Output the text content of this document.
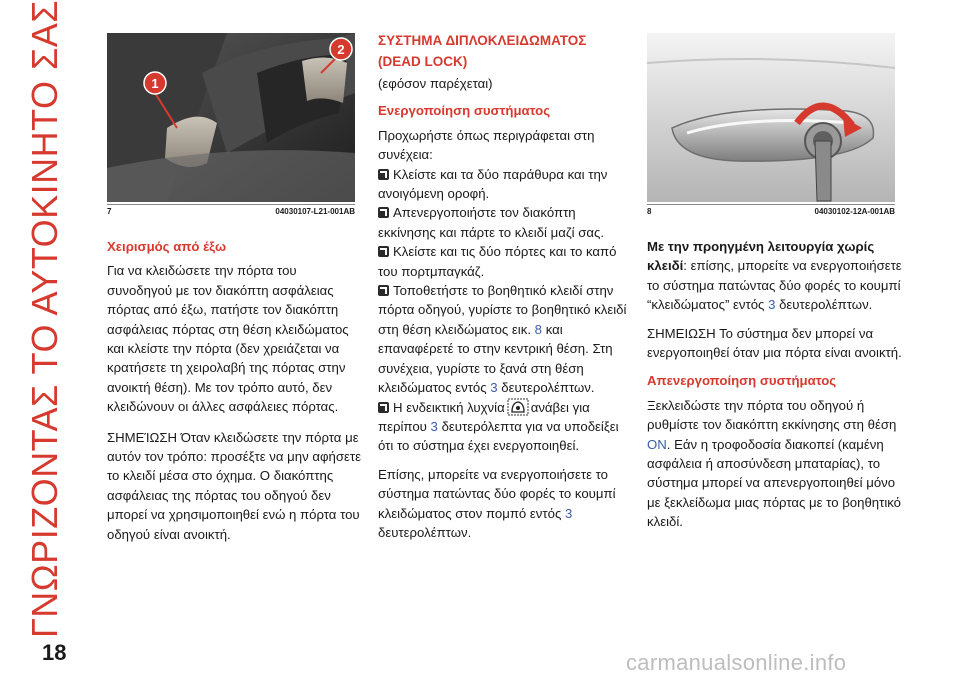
ΓΝΩΡΙΖΟΝΤΑΣ ΤΟ ΑΥΤΟΚΙΝΗΤΟ ΣΑΣ	1
2
7	04030107-L21-001AB	8	04030102-12A-001AB

Χειρισμός από έξω

Για να κλειδώσετε την πόρτα του συνοδηγού με τον διακόπτη ασφάλειας πόρτας από έξω, πατήστε τον διακόπτη ασφάλειας πόρτας στη θέση κλειδώματος και κλείστε την πόρτα (δεν χρειάζεται να κρατήσετε τη χειρολαβή της πόρτας στην ανοικτή θέση). Με τον τρόπο αυτό, δεν κλειδώνουν οι άλλες ασφάλειες πόρτας.

ΣΗΜΕΊΩΣΗ Όταν κλειδώσετε την πόρτα με αυτόν τον τρόπο: προσέξτε να μην αφήσετε το κλειδί μέσα στο όχημα. Ο διακόπτης ασφάλειας της πόρτας του οδηγού δεν μπορεί να χρησιμοποιηθεί ενώ η πόρτα του οδηγού είναι ανοικτή.

ΣΥΣΤΗΜΑ ΔΙΠΛΟΚΛΕΙΔΩΜΑΤΟΣ

(DEAD LOCK)

(εφόσον παρέχεται)

Ενεργοποίηση συστήματος

Προχωρήστε όπως περιγράφεται στη συνέχεια:

Κλείστε και τα δύο παράθυρα και την ανοιγόμενη οροφή.

Απενεργοποιήστε τον διακόπτη εκκίνησης και πάρτε το κλειδί μαζί σας.

Κλείστε και τις δύο πόρτες και το καπό του πορτμπαγκάζ.

Τοποθετήστε το βοηθητικό κλειδί στην πόρτα οδηγού, γυρίστε το βοηθητικό κλειδί στη θέση κλειδώματος εικ. 8 και επαναφέρετέ το στην κεντρική θέση. Στη συνέχεια, γυρίστε το ξανά στη θέση κλειδώματος εντός 3 δευτερολέπτων.

Η ενδεικτική λυχνία ανάβει για περίπου 3 δευτερόλεπτα για να υποδείξει ότι το σύστημα έχει ενεργοποιηθεί.

Επίσης, μπορείτε να ενεργοποιήσετε το σύστημα πατώντας δύο φορές το κουμπί κλειδώματος στον πομπό εντός 3 δευτερολέπτων.

Με την προηγμένη λειτουργία χωρίς κλειδί: επίσης, μπορείτε να ενεργοποιήσετε το σύστημα πατώντας δύο φορές το κουμπί “κλειδώματος” εντός 3 δευτερολέπτων.

ΣΗΜΕΙΩΣΗ Το σύστημα δεν μπορεί να ενεργοποιηθεί όταν μια πόρτα είναι ανοικτή.

Απενεργοποίηση συστήματος

Ξεκλειδώστε την πόρτα του οδηγού ή ρυθμίστε τον διακόπτη εκκίνησης στη θέση ON. Εάν η τροφοδοσία διακοπεί (καμένη ασφάλεια ή αποσύνδεση μπαταρίας), το σύστημα μπορεί να απενεργοποιηθεί μόνο με ξεκλείδωμα μιας πόρτας με το βοηθητικό κλειδί.

18	carmanualsonline.info
